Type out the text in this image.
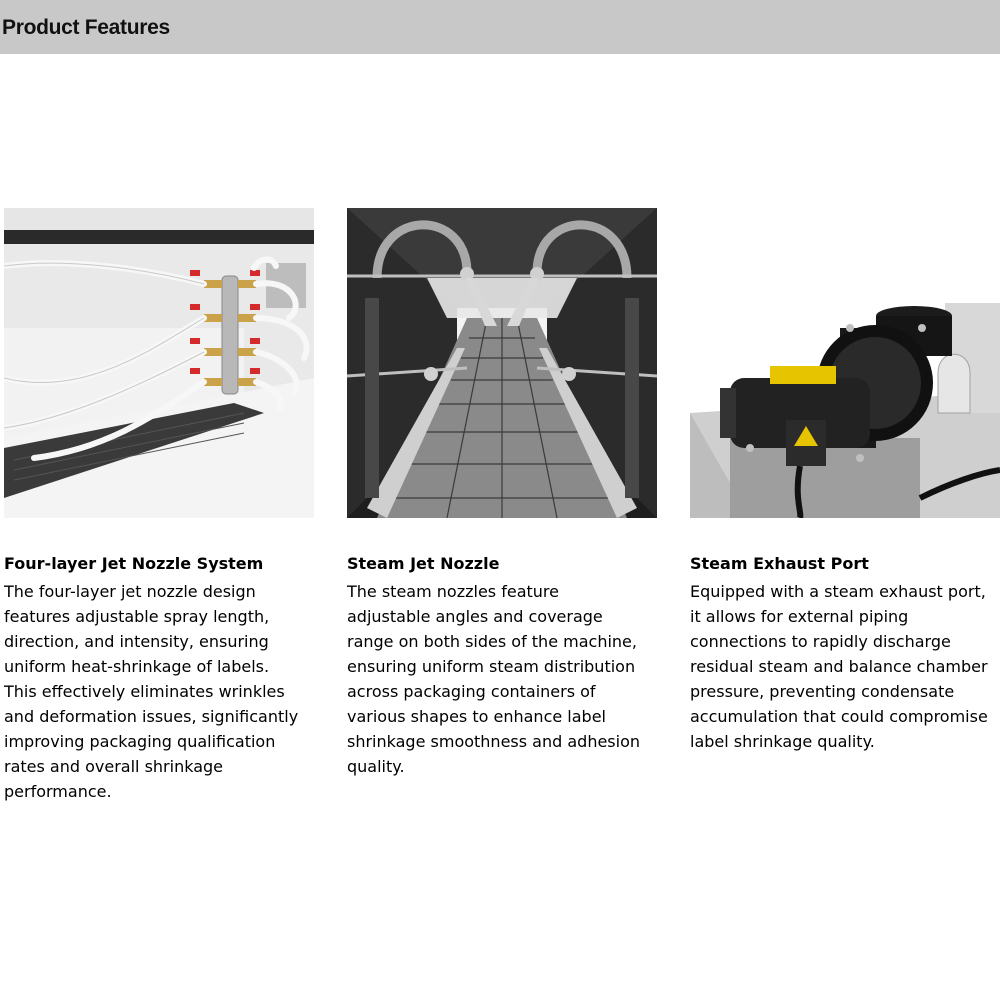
Product Features
Four-layer Jet Nozzle System
The four-layer jet nozzle design
features adjustable spray length,
direction, and intensity, ensuring
uniform heat-shrinkage of labels.
This effectively eliminates wrinkles
and deformation issues, significantly
improving packaging qualification
rates and overall shrinkage
performance.
Steam Jet Nozzle
The steam nozzles feature
adjustable angles and coverage
range on both sides of the machine,
ensuring uniform steam distribution
across packaging containers of
various shapes to enhance label
shrinkage smoothness and adhesion
quality.
Steam Exhaust Port
Equipped with a steam exhaust port,
it allows for external piping
connections to rapidly discharge
residual steam and balance chamber
pressure, preventing condensate
accumulation that could compromise
label shrinkage quality.
